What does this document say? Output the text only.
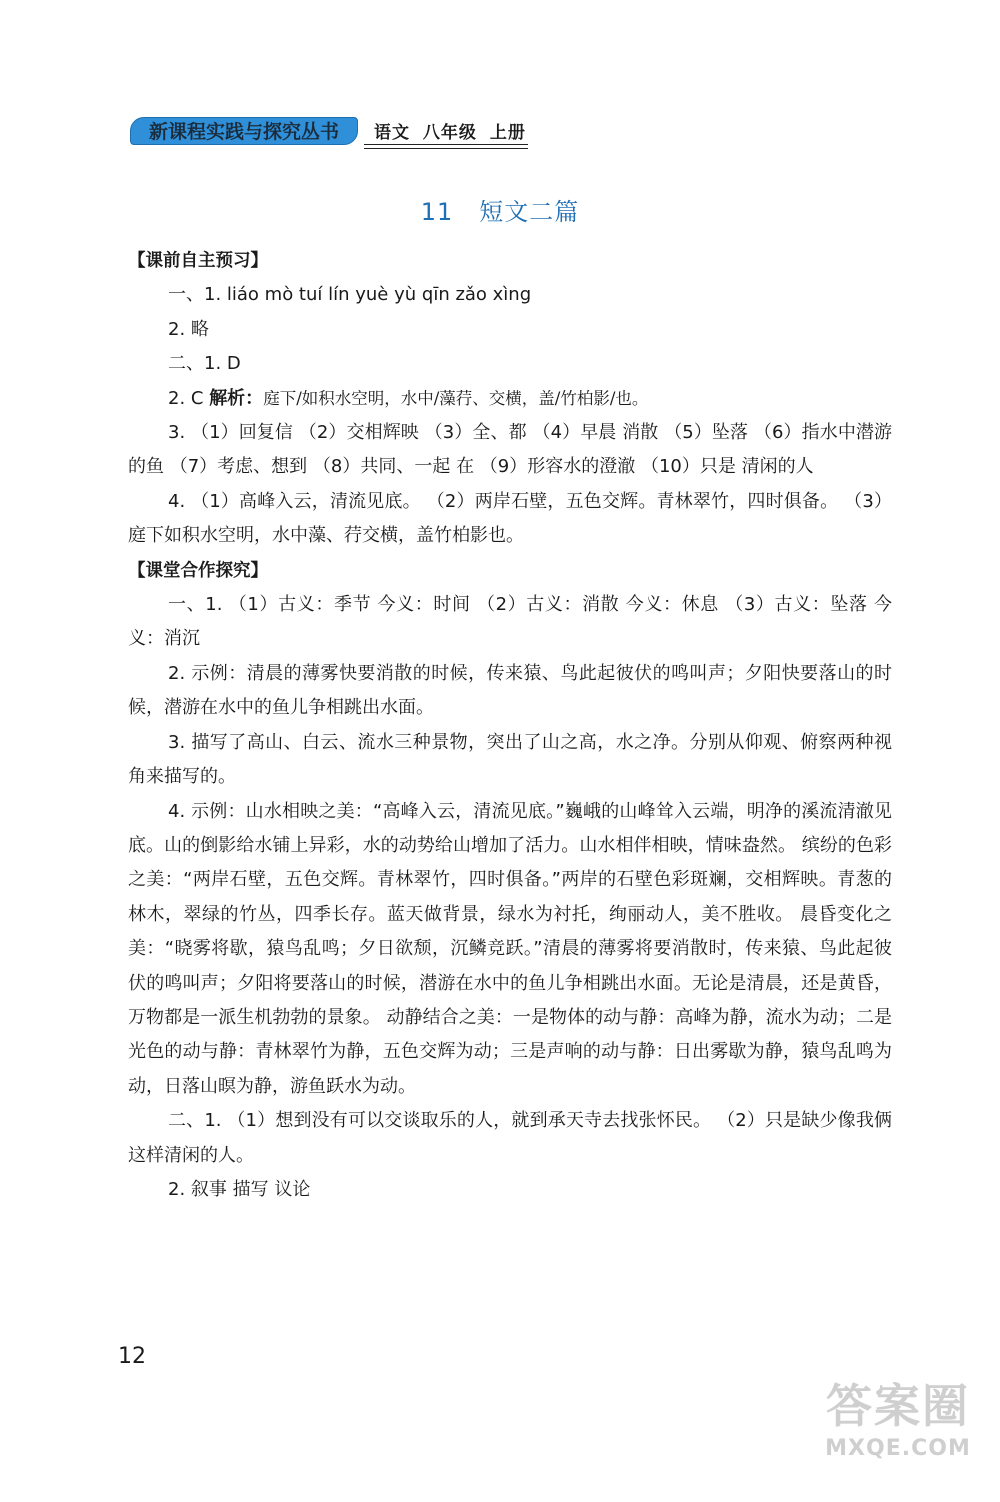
新课程实践与探究丛书	语文 八年级 上册
11 短文二篇

【课前自主预习】

一、1. liáo mò tuí lín yuè yù qīn zǎo xìng

2. 略

二、1. D

2. C 解析：庭下/如积水空明，水中/藻荇、交横，盖/竹柏影/也。

3. （1）回复信 （2）交相辉映 （3）全、都 （4）早晨 消散 （5）坠落 （6）指水中潜游的鱼 （7）考虑、想到 （8）共同、一起 在 （9）形容水的澄澈 （10）只是 清闲的人

4. （1）高峰入云，清流见底。 （2）两岸石壁，五色交辉。青林翠竹，四时俱备。 （3）庭下如积水空明，水中藻、荇交横，盖竹柏影也。

【课堂合作探究】

一、1. （1）古义：季节 今义：时间 （2）古义：消散 今义：休息 （3）古义：坠落 今义：消沉

2. 示例：清晨的薄雾快要消散的时候，传来猿、鸟此起彼伏的鸣叫声；夕阳快要落山的时候，潜游在水中的鱼儿争相跳出水面。

3. 描写了高山、白云、流水三种景物，突出了山之高，水之净。分别从仰观、俯察两种视角来描写的。

4. 示例：山水相映之美：“高峰入云，清流见底。”巍峨的山峰耸入云端，明净的溪流清澈见底。山的倒影给水铺上异彩，水的动势给山增加了活力。山水相伴相映，情味盎然。 缤纷的色彩之美：“两岸石壁，五色交辉。青林翠竹，四时俱备。”两岸的石壁色彩斑斓，交相辉映。青葱的林木，翠绿的竹丛，四季长存。蓝天做背景，绿水为衬托，绚丽动人，美不胜收。 晨昏变化之美：“晓雾将歇，猿鸟乱鸣；夕日欲颓，沉鳞竞跃。”清晨的薄雾将要消散时，传来猿、鸟此起彼伏的鸣叫声；夕阳将要落山的时候，潜游在水中的鱼儿争相跳出水面。无论是清晨，还是黄昏，万物都是一派生机勃勃的景象。 动静结合之美：一是物体的动与静：高峰为静，流水为动；二是光色的动与静：青林翠竹为静，五色交辉为动；三是声响的动与静：日出雾歇为静，猿鸟乱鸣为动，日落山暝为静，游鱼跃水为动。

二、1. （1）想到没有可以交谈取乐的人，就到承天寺去找张怀民。 （2）只是缺少像我俩这样清闲的人。

2. 叙事 描写 议论

12
答案圈
MXQE.COM
